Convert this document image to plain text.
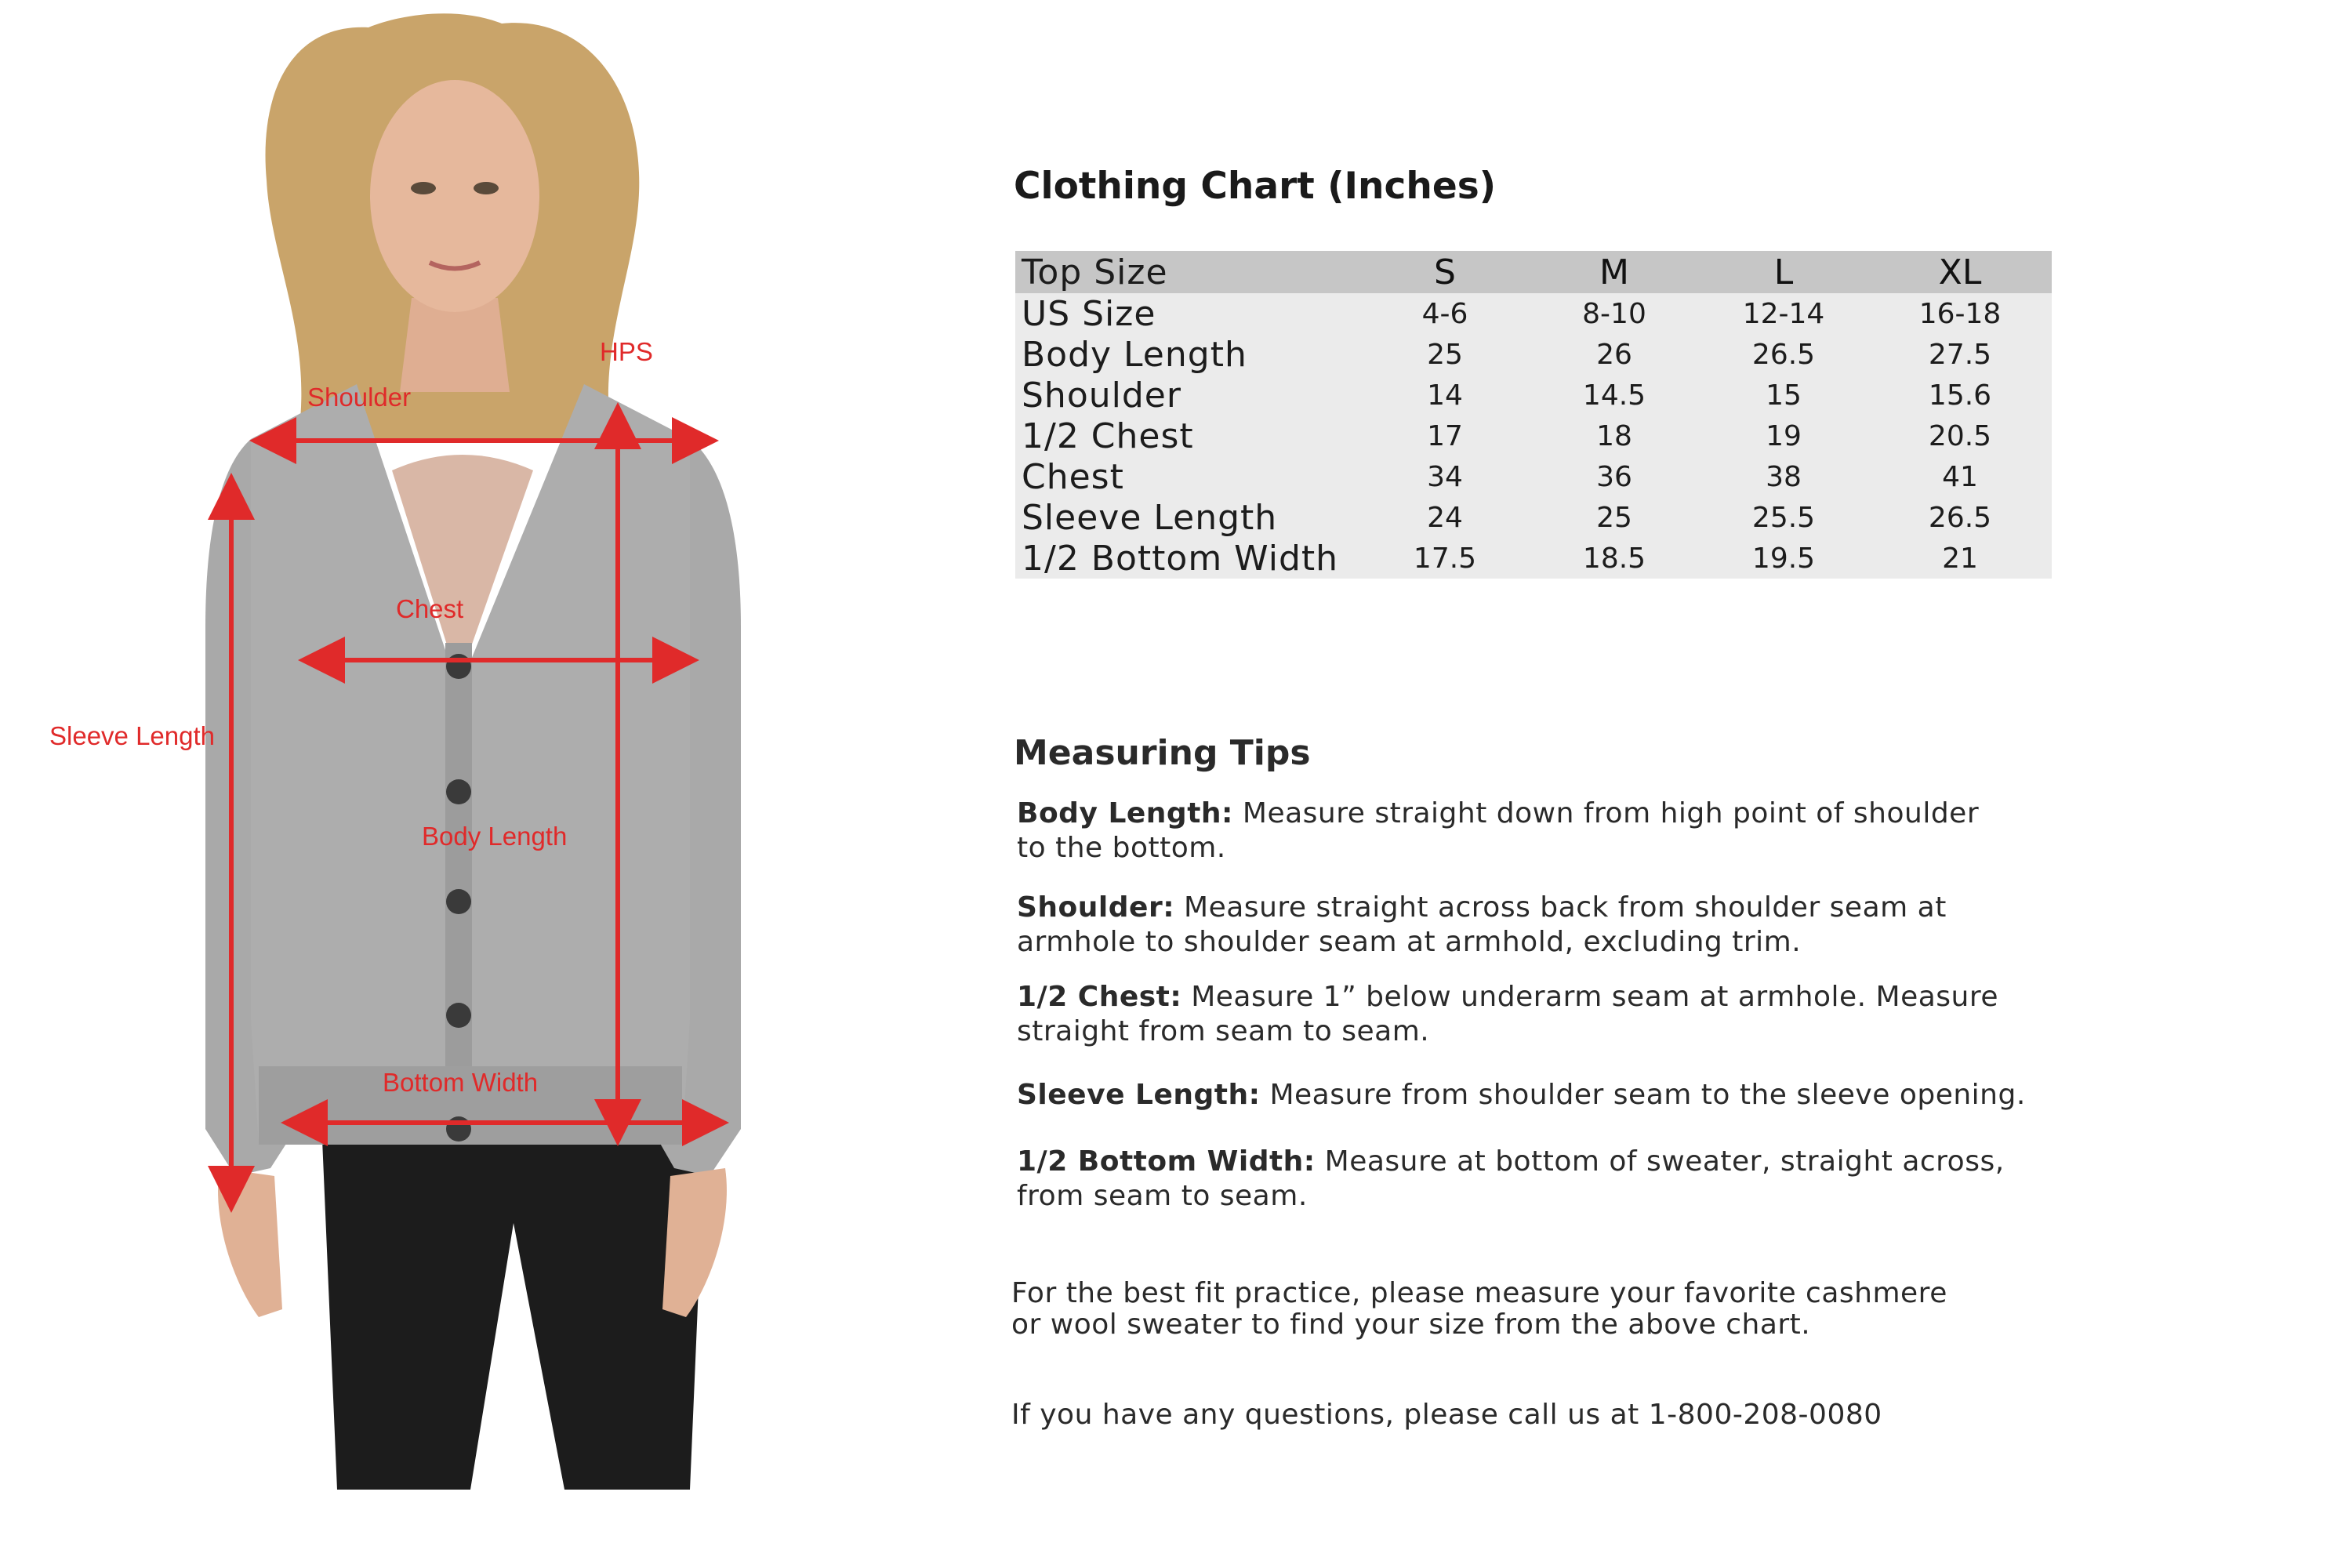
HPS
Shoulder
Chest
Sleeve Length
Body Length
Bottom Width
Clothing Chart (Inches)
Top Size	S	M	L	XL
US Size	4-6	8-10	12-14	16-18
Body Length	25	26	26.5	27.5
Shoulder	14	14.5	15	15.6
1/2 Chest	17	18	19	20.5
Chest	34	36	38	41
Sleeve Length	24	25	25.5	26.5
1/2 Bottom Width	17.5	18.5	19.5	21
Measuring Tips

Body Length: Measure straight down from high point of shoulder
to the bottom.

Shoulder: Measure straight across back from shoulder seam at
armhole to shoulder seam at armhold, excluding trim.

1/2 Chest: Measure 1” below underarm seam at armhole. Measure
straight from seam to seam.

Sleeve Length: Measure from shoulder seam to the sleeve opening.

1/2 Bottom Width: Measure at bottom of sweater, straight across,
from seam to seam.

For the best fit practice, please measure your favorite cashmere
or wool sweater to find your size from the above chart.

If you have any questions, please call us at 1-800-208-0080
